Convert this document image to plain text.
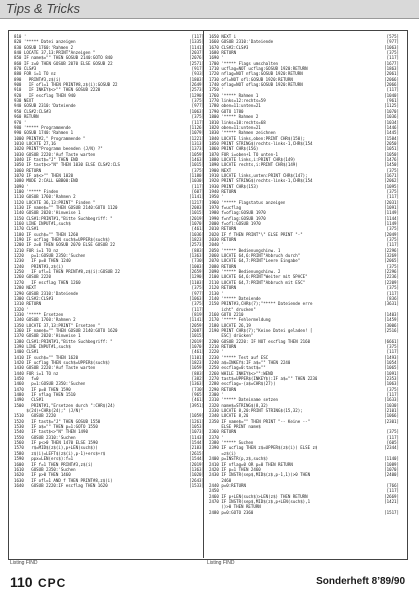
Tips & Tricks
810 '	[117]
820 '***** Datei anzeigen	[1335]
830 GOSUB 1760:'Rahmen 2	[1141]
840 LOCATE 37,13:PRINT"Anzeigen "	[2037]
850 IF name$="" THEN GOSUB 2140:GOTO 840	[2076]
860 IF z=0 THEN GOSUB 2070 ELSE GOSUB 22	[2571]
870 CLS#3	[917]
880 FOR i=1 TO nz	[933]
890   PRINT#3,z$(i)	[1803]
900   IF ofl=1 THEN PRINT#8,z$(i):GOSUB 22	[2649]
910   IF INKEY$<>"" THEN GOSUB 2220	[2573]
920   IF escflag THEN 940	[1290]
930 NEXT	[375]
940 GOSUB 2310:'Dateiende	[977]
950 CLS#2:CLS#3	[1063]
960 RETURN	[375]
970 '	[117]
980 '***** Programmende	[1126]
990 GOSUB 1740:'Rahmen 1	[1079]
1000 PRINT#2," Programmende "	[1221]
1010 LOCATE 27,16	[1313]
1020 PRINT"Programm beenden (J/N) ?"	[1373]
1030 GOSUB 2220:'Auf Taste warten	[1059]
1040 IF tast$="J" THEN END	[1463]
1050 IF tast$<>"N" THEN 1030 ELSE CLS#2:CLS	[1015]
1060 RETURN	[375]
1070 IF a$<>"" THEN 1020	[1180]
1080 MODE 2:CALL &BB00:END	[1030]
1090 '	[117]
1100 '***** Finden	[607]
1110 GOSUB 1760:'Rahmen 2	[1141]
1120 LOCATE 36,13:PRINT" Finden "	[1217]
1130 IF name$="" THEN GOSUB 2140:GOTO 1120	[2083]
1140 GOSUB 2020:'Hinweise 1	[1015]
1150 CLS#1:PRINT#1,"Bitte Suchbegriff: "	[2019]
1160 LINE INPUT#1,such$	[1070]
1170 CLS#1	[461]
1180 IF such$="" THEN 1260	[1036]
1190 IF ucflag THEN such$=UPPER$(such$)	[1823]
1200 IF z=0 THEN GOSUB 2070 ELSE GOSUB 22	[2573]
1210 FOR i=1 TO nz	[883]
1220   p=1:GOSUB 2350:'Suchen	[1363]
1230   IF p=0 THEN 1240	[730]
1240   PRINT#3,z$(i)	[1003]
1250   IF ofl=1 THEN PRINT#8,z$(i):GOSUB 22	[2659]
1260 GOSUB 2220	[1290]
1270   IF escflag THEN 1260	[1103]
1280 NEXT	[375]
1290 GOSUB 2310:'Dateiende	[977]
1300 CLS#2:CLS#3	[1063]
1310 RETURN	[375]
1320 '	[117]
1330 '***** Ersetzen	[819]
1340 GOSUB 1760:'Rahmen 2	[1141]
1350 LOCATE 37,13:PRINT" Ersetzen "	[2059]
1360 IF name$="" THEN GOSUB 2140:GOTO 1620	[2087]
1370 GOSUB 2020:'Hinweise 1	[1015]
1380 CLS#1:PRINT#1,"Bitte Suchbegriff: "	[2019]
1390 LINE INPUT#1,such$	[1070]
1400 CLS#1	[461]
1410 IF such$="" THEN 1620	[1101]
1420 IF ucflag THEN such$=UPPER$(such$)	[1823]
1430 GOSUB 2220:'Auf Taste warten	[1059]
1440 FOR i=1 TO nz	[883]
1450   f=0	[382]
1460   p=1:GOSUB 2350:'Suchen	[1363]
1470   IF p=0 THEN 1590	[730]
1480   IF nflag THEN 1510	[965]
1490   CLS#1	[461]
1500   PRINT#1,"Ersetzen durch ":CHR$(24)	[3951]
$(24)+CHR$(24);" (J/N)"
1510   GOSUB 2220	[1059]
1520   IF tast$="J" THEN GOSUB 1550	[1261]
1530   IF a$="" THEN p=1:GOTO 1550	[1053]
1540   IF tast$<>"N" THEN 1490	[1073]
1550   GOSUB 2310:'Suchen	[1143]
1560   IF p<>0 THEN 1470 ELSE 1590	[1544]
1570   r$=MID$(z$(i),p+LEN(such$))	[2183]
1580   z$(i)=LEFT$(z$(i),p-1)+ers$+r$	[2615]
1590   ppx=LEN(ers$):f=1	[1544]
1600   IF f=1 THEN PRINT#3,z$(i)	[2019]
1610   GOSUB 2350:'Suchen	[1363]
1620   IF p>0 THEN 1460	[1020]
1630   IF ofl=1 AND f THEN PRINT#8,z$(i)	[2643]
1640   GOSUB 2220:IF escflag THEN 1620	[1533]
1650 NEXT i	[575]
1660 GOSUB 2310:'Dateiende	[977]
1670 CLS#2:CLS#3	[1063]
1680 RETURN	[375]
1690 '	[117]
1700 '***** Flags umschalten	[1677]
1710 ucflag=NOT ucflag:GOSUB 1920:RETURN	[1863]
1720 nflag=NOT nflag:GOSUB 1920:RETURN	[2061]
1730 ofl=NOT ofl:GOSUB 1920:RETURN	[2066]
1740 oflag=NOT oflag:GOSUB 1920:RETURN	[2066]
1750 '	[117]
1760 '***** Rahmen 1	[1040]
1770 links=12:rechts=59	[961]
1780 oben=11:unten=21	[1125]
1790 GOTO 1780	[1070]
1800 '***** Rahmen 2	[1036]
1810 links=10:rechts=68	[1034]
1820 oben=11:unten=21	[1446]
1830 '***** Rahmen zeichnen	[1445]
1840 LOCATE links,oben:PRINT CHR$(150);	[1584]
1850 PRINT STRING$(rechts-links-1,CHR$(154	[2050]
1860 PRINT CHR$(156)	[1051]
1870 FOR i=oben+1 TO unten-1	[1050]
1880 LOCATE links,i:PRINT CHR$(149)	[1476]
1890 LOCATE rechts,i:PRINT CHR$(149)	[1450]
1900 NEXT	[375]
1910 LOCATE links,unten:PRINT CHR$(147);	[1671]
1920 PRINT STRING$(rechts-links-1,CHR$(154	[2062]
1930 PRINT CHR$(153)	[1095]
1940 RETURN	[375]
1950 '	[117]
1960 '***** Flagstatus anzeigen	[2031]
1970 f=ucflag	[1091]
1980 f=oflag:GOSUB 1970	[1149]
1990 f=nflag:GOSUB 1970	[1144]
2000 f=ofl:GOSUB 1970	[1149]
2010 RETURN	[375]
2020 IF f THEN PRINT"\" ELSE PRINT "-"	[2049]
2030 RETURN	[375]
2040 '	[117]
2050 '***** Bedienungshinw. 1	[2296]
2060 LOCATE 64,6:PRINT"Abbruch durch"	[3269]
2070 LOCATE 64,7:PRINT"Leere Eingabe"	[2065]
2080 RETURN	[375]
2090 '***** Bedienungshinw. 2	[2296]
2100 LOCATE 64,6:PRINT"Weiter mit SPACE"	[2236]
2110 LOCATE 64,7:PRINT"Abbruch mit ESC"	[2209]
2120 RETURN	[375]
2130 '	[117]
2140 '***** Dateiende	[836]
2150 PRINT#3,CHR$(7);"***** Dateiende erre	[3631]
icht" drucken"
2160 GOTO 2210	[1403]
2170 '***** Fehlermeldung	[1459]
2180 LOCATE 26,19	[3006]
2190 PRINT CHR$(7);"Keine Datei geladen! [	[2516]
ESC] drücken"
2200 GOSUB 2220: IF NOT escflag THEN 2160	[6661]
2210 RETURN	[375]
2220 '	[117]
2230 '***** Test auf ESC	[1493]
2240 a$=INKEY$:IF a$="" THEN 2240	[1054]
2250 escflag=0:tast$=""	[1065]
2260 WHILE INKEY$<>"":WEND	[1091]
2270 tast$=UPPER$(INKEY$):IF a$="" THEN 2230	[2353]
2280 escflag=-(a$=CHR$(27))	[1063]
2290 RETURN	[375]
2300 '	[117]
2310 '***** Dateiname setzen	[1633]
2320 name$=STRING$(8,32)	[1030]
2330 LOCATE 8,20:PRINT STRING$(15,32);	[2101]
2340 LOCATE 8,20	[1066]
2350 IF name$="" THEN PRINT "-- Keine --"	[2301]
ELSE PRINT name$
2360 RETURN	[375]
2370 '	[117]
2380 '***** Suchen	[605]
2390 IF ucflag THEN z$=UPPER$(z$(i)) ELSE z$	[2344]
=z$(i)
2400 p=INSTR(p,z$,such$)	[1140]
2410 IF nflag=0 OR p=0 THEN RETURN	[1089]
2420 IF p=1 THEN 2460	[1070]
2430 IF INSTR(sep$,MID$(z$,p-1,1))>0 THEN	[2400]
2460
2440 p=0:RETURN	[766]
2450 '	[117]
2460 IF p+LEN(such$)>LEN(z$) THEN RETURN	[2669]
2470 IF INSTR(sep$,MID$(z$,p+LEN(such$),1	[1421]
))>0 THEN RETURN
2480 p=0:GOTO 2360	[1517]
Listing FIND	Listing FIND
110 CPC	Sonderheft 8’89/90
